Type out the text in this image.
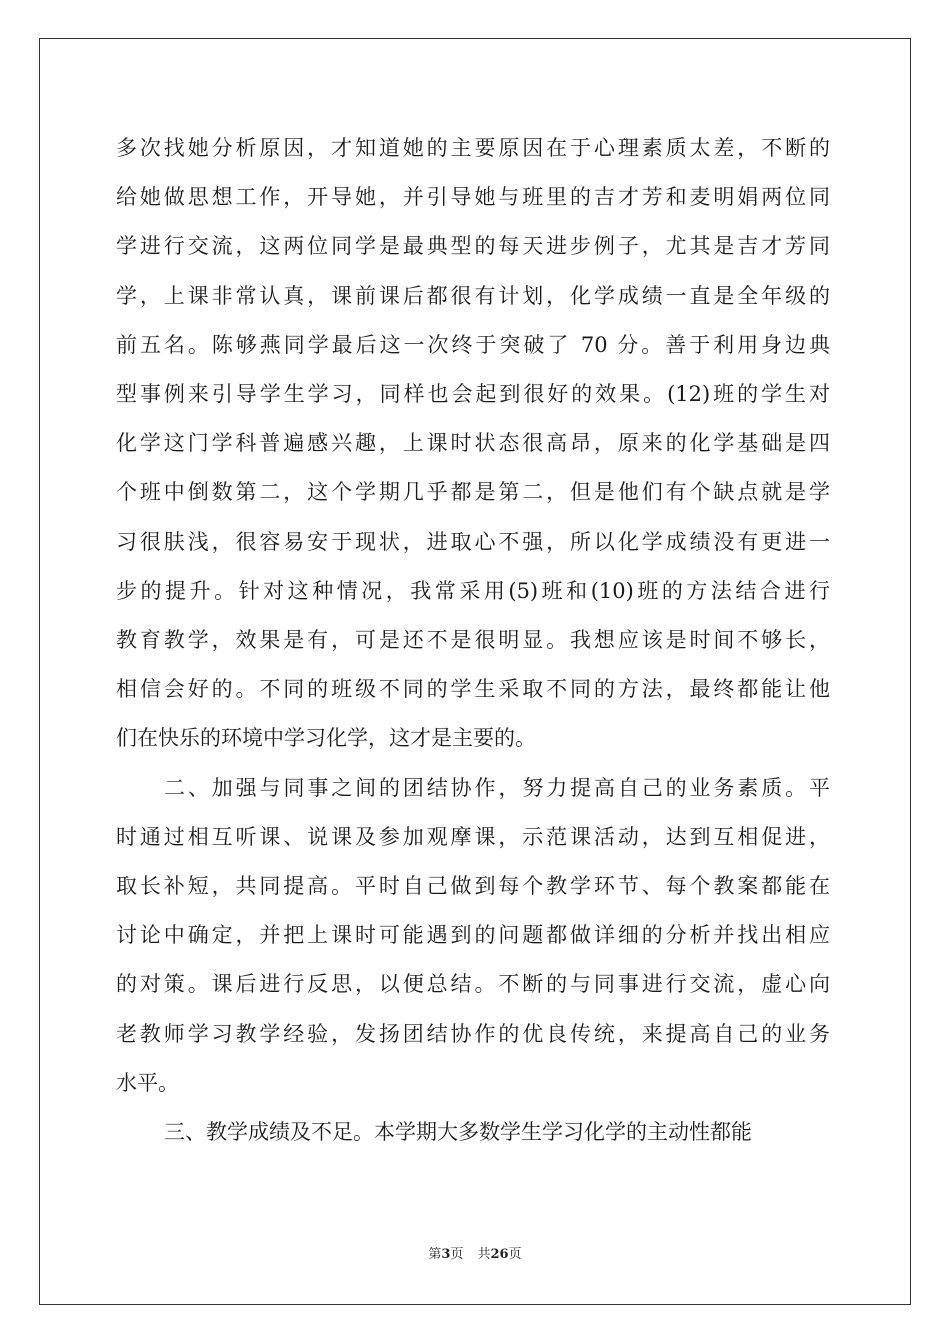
多次找她分析原因，才知道她的主要原因在于心理素质太差，不断的
给她做思想工作，开导她，并引导她与班里的吉才芳和麦明娟两位同
学进行交流，这两位同学是最典型的每天进步例子，尤其是吉才芳同
学，上课非常认真，课前课后都很有计划，化学成绩一直是全年级的
前五名。陈够燕同学最后这一次终于突破了 70 分。善于利用身边典
型事例来引导学生学习，同样也会起到很好的效果。(12)班的学生对
化学这门学科普遍感兴趣，上课时状态很高昂，原来的化学基础是四
个班中倒数第二，这个学期几乎都是第二，但是他们有个缺点就是学
习很肤浅，很容易安于现状，进取心不强，所以化学成绩没有更进一
步的提升。针对这种情况，我常采用(5)班和(10)班的方法结合进行
教育教学，效果是有，可是还不是很明显。我想应该是时间不够长，
相信会好的。不同的班级不同的学生采取不同的方法，最终都能让他
们在快乐的环境中学习化学，这才是主要的。
二、加强与同事之间的团结协作，努力提高自己的业务素质。平
时通过相互听课、说课及参加观摩课，示范课活动，达到互相促进，
取长补短，共同提高。平时自己做到每个教学环节、每个教案都能在
讨论中确定，并把上课时可能遇到的问题都做详细的分析并找出相应
的对策。课后进行反思，以便总结。不断的与同事进行交流，虚心向
老教师学习教学经验，发扬团结协作的优良传统，来提高自己的业务
水平。
三、教学成绩及不足。本学期大多数学生学习化学的主动性都能
第3页 共26页
